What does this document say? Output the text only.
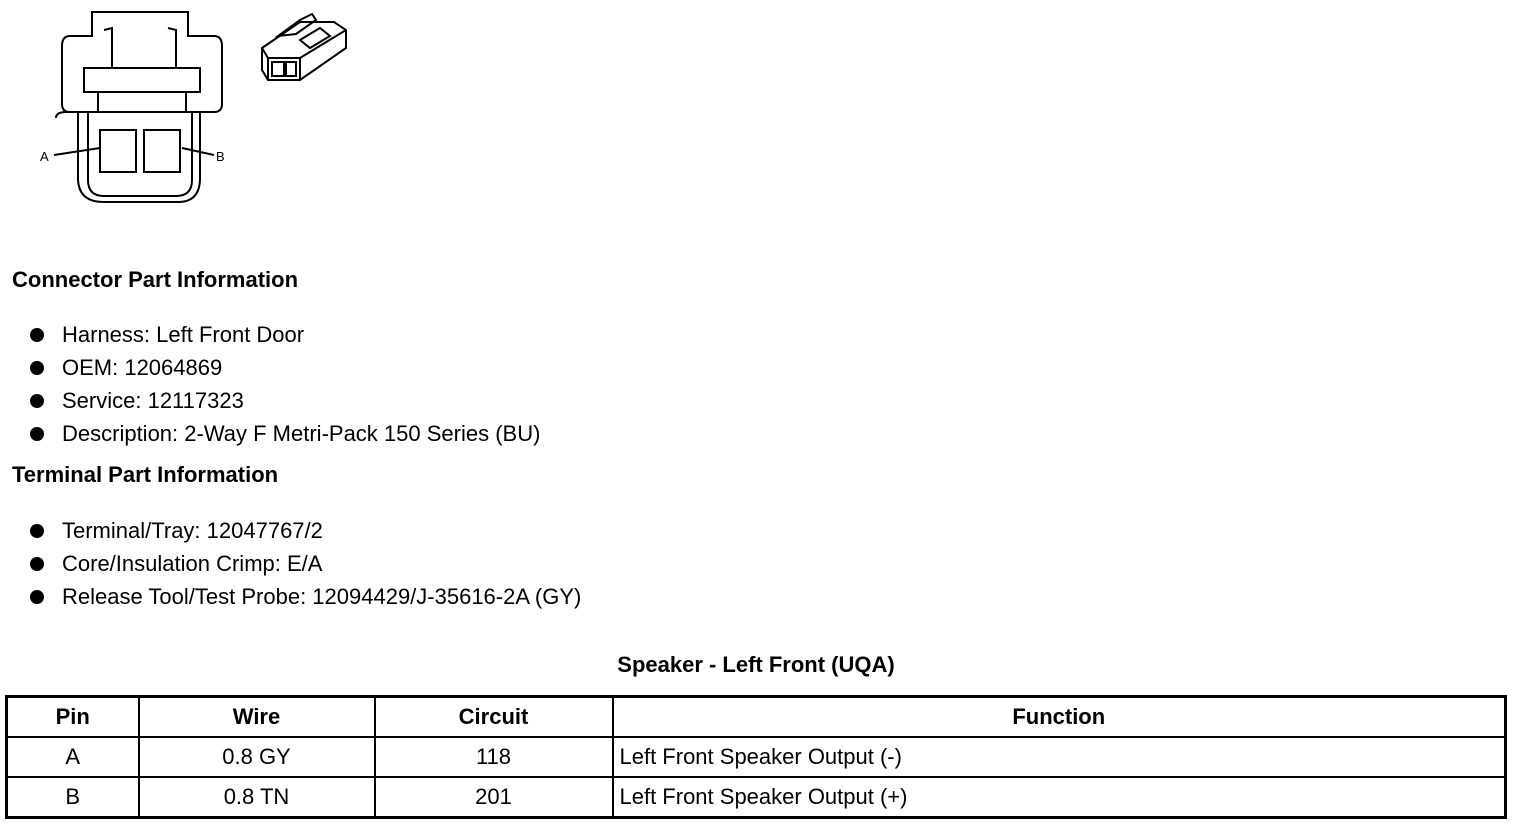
A	B
Connector Part Information
Harness: Left Front Door
OEM: 12064869
Service: 12117323
Description: 2-Way F Metri-Pack 150 Series (BU)
Terminal Part Information
Terminal/Tray: 12047767/2
Core/Insulation Crimp: E/A
Release Tool/Test Probe: 12094429/J-35616-2A (GY)
Speaker - Left Front (UQA)
Pin	Wire	Circuit	Function
A	0.8 GY	118	Left Front Speaker Output (-)
B	0.8 TN	201	Left Front Speaker Output (+)
